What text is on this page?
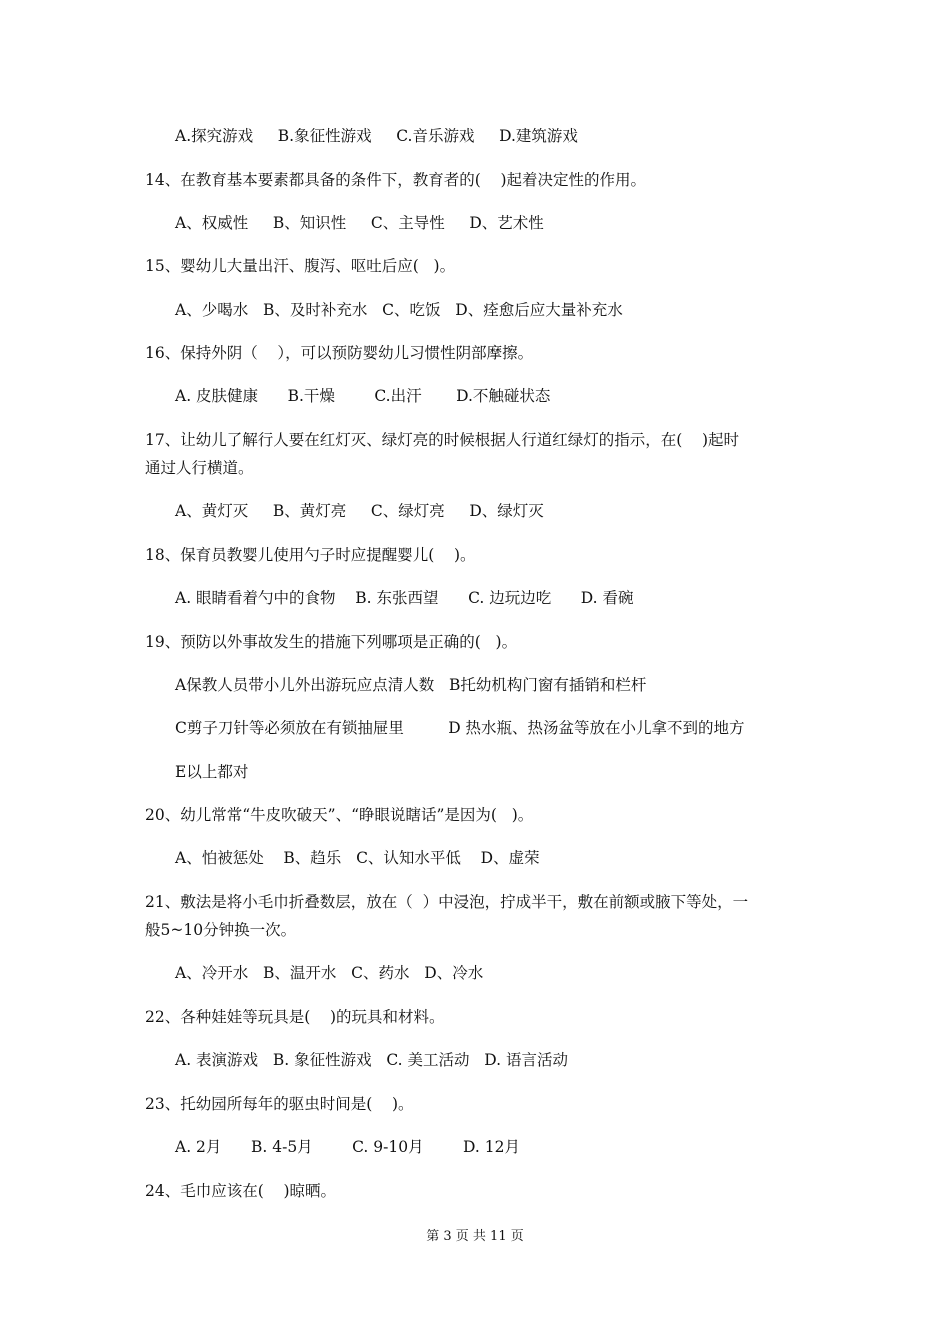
A.探究游戏     B.象征性游戏     C.音乐游戏     D.建筑游戏
14、在教育基本要素都具备的条件下，教育者的(    )起着决定性的作用。
A、权威性     B、知识性     C、主导性     D、艺术性
15、婴幼儿大量出汗、腹泻、呕吐后应(   )。
A、少喝水   B、及时补充水   C、吃饭   D、痊愈后应大量补充水
16、保持外阴（    ），可以预防婴幼儿习惯性阴部摩擦。
A. 皮肤健康      B.干燥        C.出汗       D.不触碰状态
17、让幼儿了解行人要在红灯灭、绿灯亮的时候根据人行道红绿灯的指示，在(    )起时
通过人行横道。
A、黄灯灭     B、黄灯亮     C、绿灯亮     D、绿灯灭
18、保育员教婴儿使用勺子时应提醒婴儿(    )。
A. 眼睛看着勺中的食物    B. 东张西望      C. 边玩边吃      D. 看碗
19、预防以外事故发生的措施下列哪项是正确的(   )。
A保教人员带小儿外出游玩应点清人数   B托幼机构门窗有插销和栏杆
C剪子刀针等必须放在有锁抽屉里         D 热水瓶、热汤盆等放在小儿拿不到的地方
E以上都对
20、幼儿常常“牛皮吹破天”、“睁眼说瞎话”是因为(   )。
A、怕被惩处    B、趋乐   C、认知水平低    D、虚荣
21、敷法是将小毛巾折叠数层，放在（  ）中浸泡，拧成半干，敷在前额或腋下等处，一
般5~10分钟换一次。
A、冷开水   B、温开水   C、药水   D、冷水
22、各种娃娃等玩具是(    )的玩具和材料。
A. 表演游戏   B. 象征性游戏   C. 美工活动   D. 语言活动
23、托幼园所每年的驱虫时间是(    )。
A. 2月      B. 4-5月        C. 9-10月        D. 12月
24、毛巾应该在(    )晾晒。
第 3 页 共 11 页
